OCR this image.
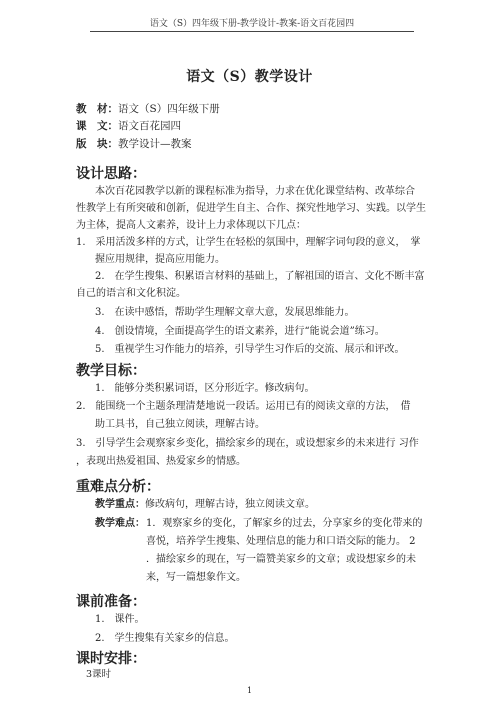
语文（S）四年级下册-教学设计-教案-语文百花园四
语文（S）教学设计
教　材：语文（S）四年级下册
课　文：语文百花园四
版　块：教学设计—教案
设计思路：
本次百花园教学以新的课程标准为指导，力求在优化课堂结构、改革综合
性教学上有所突破和创新，促进学生自主、合作、探究性地学习、实践。以学生
为主体，提高人文素养，设计上力求体现以下几点：
1.　采用活泼多样的方式，让学生在轻松的氛围中，理解字词句段的意义，　掌
握应用规律，提高应用能力。
2.　在学生搜集、积累语言材料的基础上，了解祖国的语言、文化不断丰富
自己的语言和文化积淀。
3.　在读中感悟，帮助学生理解文章大意，发展思维能力。
4.　创设情境，全面提高学生的语文素养，进行“能说会道”练习。
5.　重视学生习作能力的培养，引导学生习作后的交流、展示和评改。
教学目标：
1.　能够分类积累词语，区分形近字。修改病句。
2.　能围绕一个主题条理清楚地说一段话。运用已有的阅读文章的方法，　借
助工具书，自己独立阅读，理解古诗。
3.　引导学生会观察家乡变化，描绘家乡的现在，或设想家乡的未来进行 习作
，表现出热爱祖国、热爱家乡的情感。
重难点分析：
教学重点：修改病句，理解古诗，独立阅读文章。
教学难点： 1．观察家乡的变化，了解家乡的过去，分享家乡的变化带来的
喜悦，培养学生搜集、处理信息的能力和口语交际的能力。 2
．描绘家乡的现在，写一篇赞美家乡的文章；或设想家乡的未
来，写一篇想象作文。
课前准备：
1.　课件。
2.　学生搜集有关家乡的信息。
课时安排：
3课时
1
